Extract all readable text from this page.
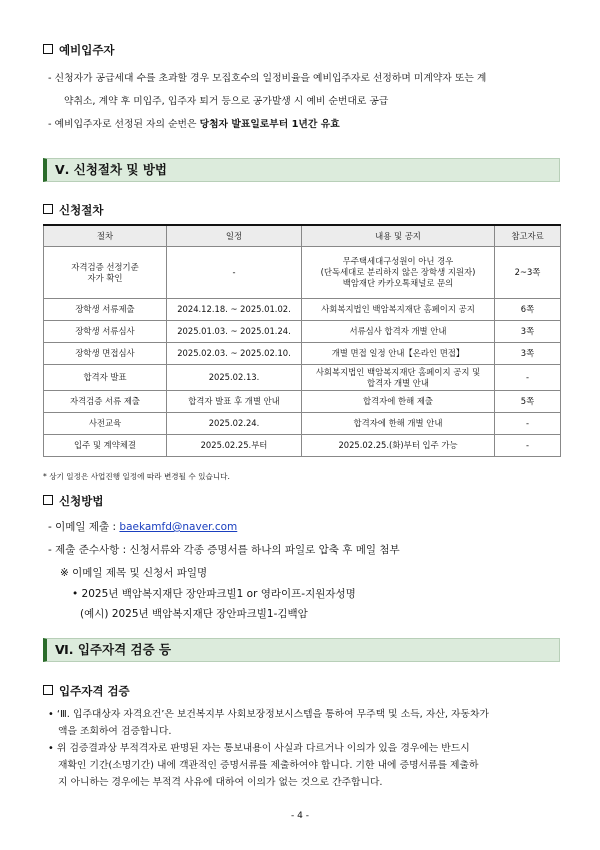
예비입주자
- 신청자가 공급세대 수를 초과할 경우 모집호수의 일정비율을 예비입주자로 선정하며 미계약자 또는 계
약취소, 계약 후 미입주, 입주자 퇴거 등으로 공가발생 시 예비 순번대로 공급
- 예비입주자로 선정된 자의 순번은 당첨자 발표일로부터 1년간 유효
Ⅴ. 신청절차 및 방법
신청절차
절차	일정	내용 및 공지	참고자료
자격검증 선정기준
자가 확인	-	무주택세대구성원이 아닌 경우
(단독세대로 분리하지 않은 장학생 지원자)
백암재단 카카오톡채널로 문의	2~3쪽
장학생 서류제출	2024.12.18. ~ 2025.01.02.	사회복지법인 백암복지재단 홈페이지 공지	6쪽
장학생 서류심사	2025.01.03. ~ 2025.01.24.	서류심사 합격자 개별 안내	3쪽
장학생 면접심사	2025.02.03. ~ 2025.02.10.	개별 면접 일정 안내【온라인 면접】	3쪽
합격자 발표	2025.02.13.	사회복지법인 백암복지재단 홈페이지 공지 및
합격자 개별 안내	-
자격검증 서류 제출	합격자 발표 후 개별 안내	합격자에 한해 제출	5쪽
사전교육	2025.02.24.	합격자에 한해 개별 안내	-
입주 및 계약체결	2025.02.25.부터	2025.02.25.(화)부터 입주 가능	-
* 상기 일정은 사업진행 일정에 따라 변경될 수 있습니다.
신청방법
- 이메일 제출 : baekamfd@naver.com
- 제출 준수사항 : 신청서류와 각종 증명서를 하나의 파일로 압축 후 메일 첨부
※ 이메일 제목 및 신청서 파일명
• 2025년 백암복지재단 장안파크빌1 or 영라이프-지원자성명
(예시) 2025년 백암복지재단 장안파크빌1-김백암
Ⅵ. 입주자격 검증 등
입주자격 검증
• ‘Ⅲ. 입주대상자 자격요건’은 보건복지부 사회보장정보시스템을 통하여 무주택 및 소득, 자산, 자동차가
액을 조회하여 검증합니다.
• 위 검증결과상 부적격자로 판명된 자는 통보내용이 사실과 다르거나 이의가 있을 경우에는 반드시
재확인 기간(소명기간) 내에 객관적인 증명서류를 제출하여야 합니다. 기한 내에 증명서류를 제출하
지 아니하는 경우에는 부적격 사유에 대하여 이의가 없는 것으로 간주합니다.
- 4 -
